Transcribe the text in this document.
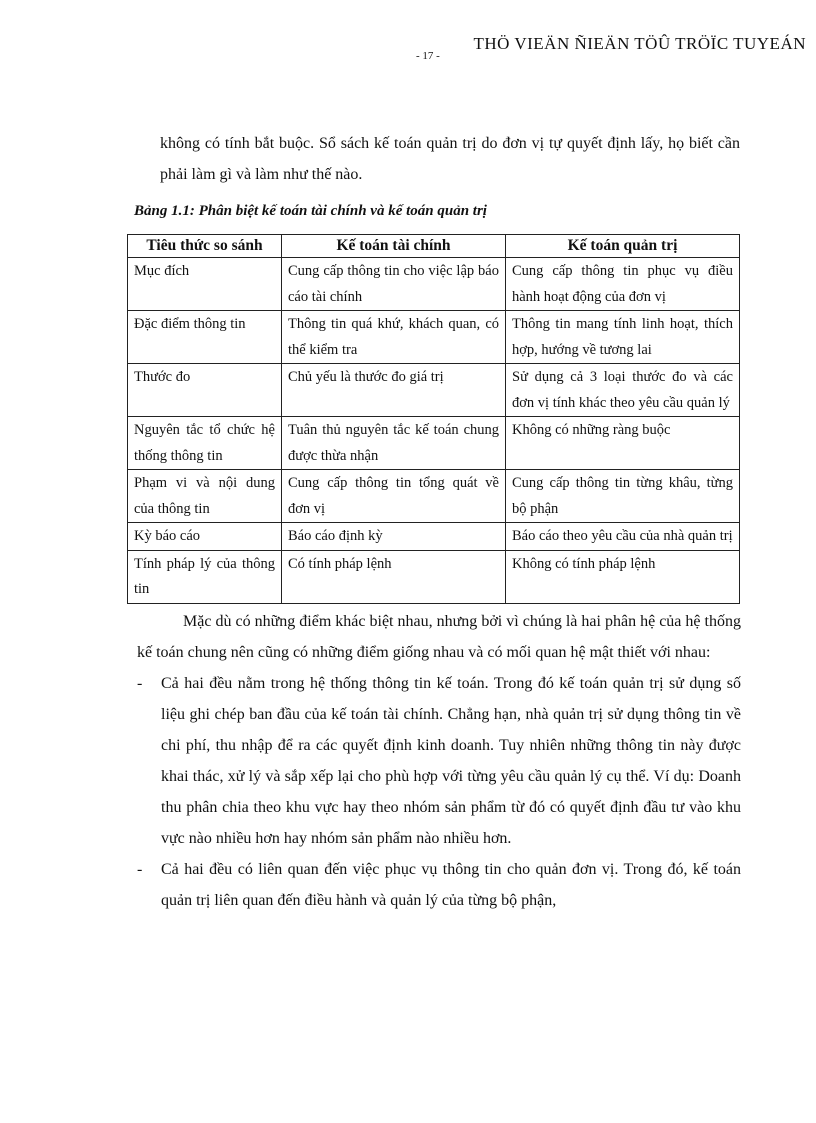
THÖ VIEÄN ÑIEÄN TÖÛ TRÖÏC TUYEÁN
- 17 -
không có tính bắt buộc. Sổ sách kế toán quản trị do đơn vị tự quyết định lấy, họ biết cần phải làm gì và làm như thế nào.
Bảng 1.1: Phân biệt kế toán tài chính và kế toán quản trị
Tiêu thức so sánh	Kế toán tài chính	Kế toán quản trị
Mục đích	Cung cấp thông tin cho việc lập báo cáo tài chính	Cung cấp thông tin phục vụ điều hành hoạt động của đơn vị
Đặc điểm thông tin	Thông tin quá khứ, khách quan, có thể kiểm tra	Thông tin mang tính linh hoạt, thích hợp, hướng về tương lai
Thước đo	Chủ yếu là thước đo giá trị	Sử dụng cả 3 loại thước đo và các đơn vị tính khác theo yêu cầu quản lý
Nguyên tắc tổ chức hệ thống thông tin	Tuân thủ nguyên tắc kế toán chung được thừa nhận	Không có những ràng buộc
Phạm vi và nội dung của thông tin	Cung cấp thông tin tổng quát về đơn vị	Cung cấp thông tin từng khâu, từng bộ phận
Kỳ báo cáo	Báo cáo định kỳ	Báo cáo theo yêu cầu của nhà quản trị
Tính pháp lý của thông tin	Có tính pháp lệnh	Không có tính pháp lệnh
Mặc dù có những điểm khác biệt nhau, nhưng bởi vì chúng là hai phân hệ của hệ thống kế toán chung nên cũng có những điểm giống nhau và có mối quan hệ mật thiết với nhau:
- Cả hai đều nằm trong hệ thống thông tin kế toán. Trong đó kế toán quản trị sử dụng số liệu ghi chép ban đầu của kế toán tài chính. Chẳng hạn, nhà quản trị sử dụng thông tin về chi phí, thu nhập để ra các quyết định kinh doanh. Tuy nhiên những thông tin này được khai thác, xử lý và sắp xếp lại cho phù hợp với từng yêu cầu quản lý cụ thể. Ví dụ: Doanh thu phân chia theo khu vực hay theo nhóm sản phẩm từ đó có quyết định đầu tư vào khu vực nào nhiều hơn hay nhóm sản phẩm nào nhiều hơn.
- Cả hai đều có liên quan đến việc phục vụ thông tin cho quản đơn vị. Trong đó, kế toán quản trị liên quan đến điều hành và quản lý của từng bộ phận,
